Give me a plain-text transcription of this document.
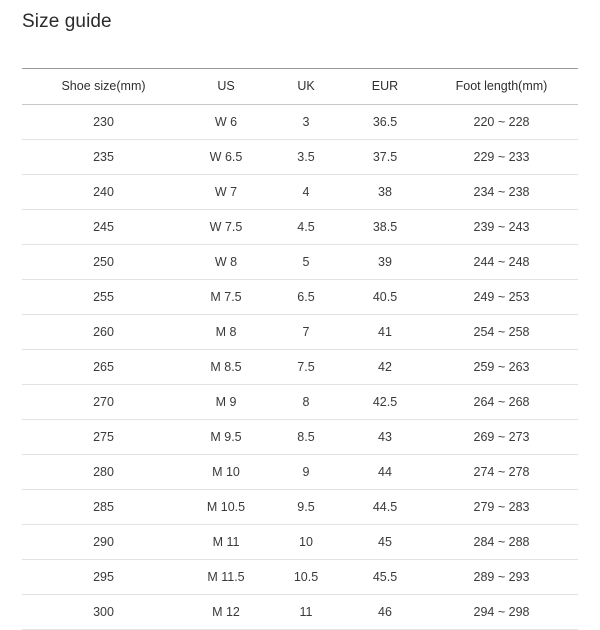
Size guide
Shoe size(mm)	US	UK	EUR	Foot length(mm)
230	W 6	3	36.5	220 ~ 228
235	W 6.5	3.5	37.5	229 ~ 233
240	W 7	4	38	234 ~ 238
245	W 7.5	4.5	38.5	239 ~ 243
250	W 8	5	39	244 ~ 248
255	M 7.5	6.5	40.5	249 ~ 253
260	M 8	7	41	254 ~ 258
265	M 8.5	7.5	42	259 ~ 263
270	M 9	8	42.5	264 ~ 268
275	M 9.5	8.5	43	269 ~ 273
280	M 10	9	44	274 ~ 278
285	M 10.5	9.5	44.5	279 ~ 283
290	M 11	10	45	284 ~ 288
295	M 11.5	10.5	45.5	289 ~ 293
300	M 12	11	46	294 ~ 298
